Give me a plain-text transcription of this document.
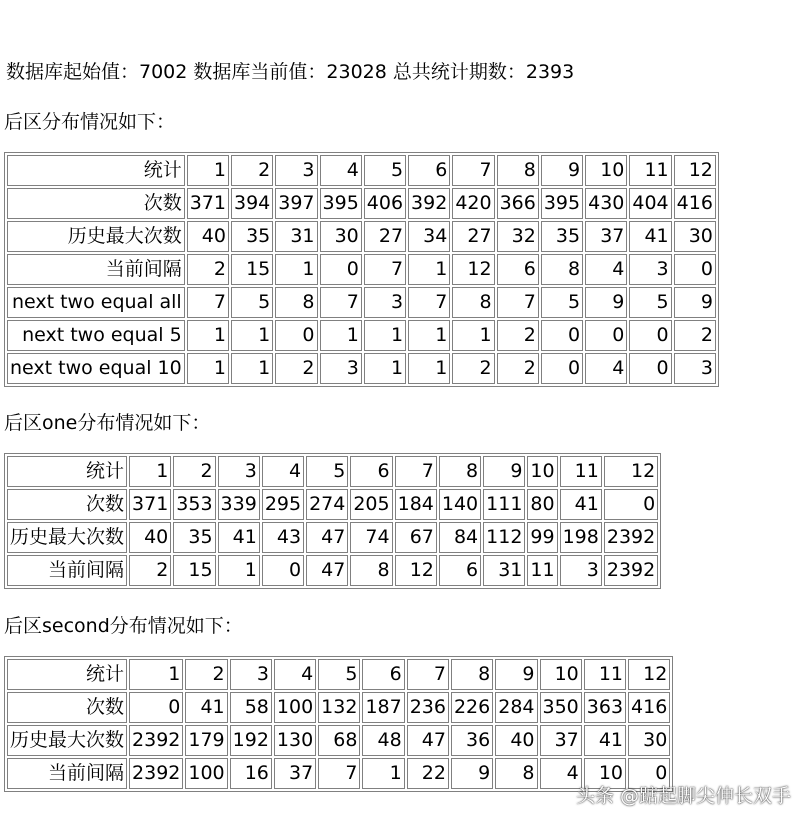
数据库起始值：7002 数据库当前值：23028 总共统计期数：2393
后区分布情况如下：
统计	1	2	3	4	5	6	7	8	9	10	11	12
次数	371	394	397	395	406	392	420	366	395	430	404	416
历史最大次数	40	35	31	30	27	34	27	32	35	37	41	30
当前间隔	2	15	1	0	7	1	12	6	8	4	3	0
next two equal all	7	5	8	7	3	7	8	7	5	9	5	9
next two equal 5	1	1	0	1	1	1	1	2	0	0	0	2
next two equal 10	1	1	2	3	1	1	2	2	0	4	0	3
后区one分布情况如下：
统计	1	2	3	4	5	6	7	8	9	10	11	12
次数	371	353	339	295	274	205	184	140	111	80	41	0
历史最大次数	40	35	41	43	47	74	67	84	112	99	198	2392
当前间隔	2	15	1	0	47	8	12	6	31	11	3	2392
后区second分布情况如下：
统计	1	2	3	4	5	6	7	8	9	10	11	12
次数	0	41	58	100	132	187	236	226	284	350	363	416
历史最大次数	2392	179	192	130	68	48	47	36	40	37	41	30
当前间隔	2392	100	16	37	7	1	22	9	8	4	10	0
头条 @踮起脚尖伸长双手
